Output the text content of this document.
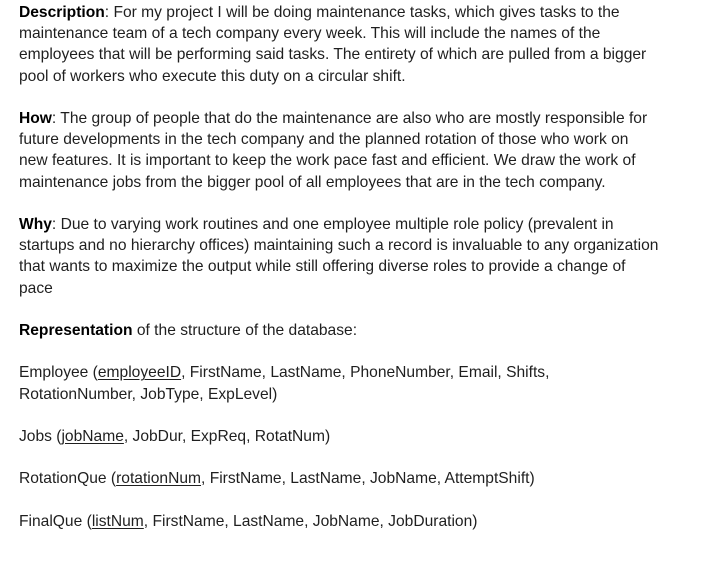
Description: For my project I will be doing maintenance tasks, which gives tasks to the maintenance team of a tech company every week. This will include the names of the employees that will be performing said tasks. The entirety of which are pulled from a bigger pool of workers who execute this duty on a circular shift.

How: The group of people that do the maintenance are also who are mostly responsible for future developments in the tech company and the planned rotation of those who work on new features. It is important to keep the work pace fast and efficient. We draw the work of maintenance jobs from the bigger pool of all employees that are in the tech company.

Why: Due to varying work routines and one employee multiple role policy (prevalent in startups and no hierarchy offices) maintaining such a record is invaluable to any organization that wants to maximize the output while still offering diverse roles to provide a change of pace

Representation of the structure of the database:

Employee (employeeID, FirstName, LastName, PhoneNumber, Email, Shifts, RotationNumber, JobType, ExpLevel)

Jobs (jobName, JobDur, ExpReq, RotatNum)

RotationQue (rotationNum, FirstName, LastName, JobName, AttemptShift)

FinalQue (listNum, FirstName, LastName, JobName, JobDuration)
